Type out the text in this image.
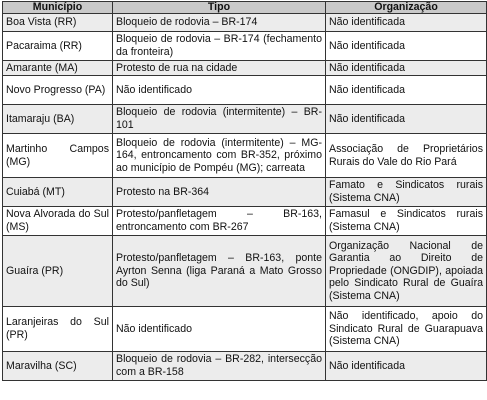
Município	Tipo	Organização
Boa Vista (RR)	Bloqueio de rodovia – BR-174	Não identificada
Pacaraima (RR)	Bloqueio de rodovia – BR-174 (fechamento da fronteira)	Não identificada
Amarante (MA)	Protesto de rua na cidade	Não identificada
Novo Progresso (PA)	Não identificado	Não identificada
Itamaraju (BA)	Bloqueio de rodovia (intermitente) – BR-101	Não identificada
Martinho Campos (MG)	Bloqueio de rodovia (intermitente) – MG-164, entroncamento com BR-352, próximo ao município de Pompéu (MG); carreata	Associação de Proprietários Rurais do Vale do Rio Pará
Cuiabá (MT)	Protesto na BR-364	Famato e Sindicatos rurais (Sistema CNA)
Nova Alvorada do Sul (MS)	Protesto/panfletagem – BR-163, entroncamento com BR-267	Famasul e Sindicatos rurais (Sistema CNA)
Guaíra (PR)	Protesto/panfletagem – BR-163, ponte Ayrton Senna (liga Paraná a Mato Grosso do Sul)	Organização Nacional de Garantia ao Direito de Propriedade (ONGDIP), apoiada pelo Sindicato Rural de Guaíra (Sistema CNA)
Laranjeiras do Sul (PR)	Não identificado	Não identificado, apoio do Sindicato Rural de Guarapuava (Sistema CNA)
Maravilha (SC)	Bloqueio de rodovia – BR-282, intersecção com a BR-158	Não identificada
